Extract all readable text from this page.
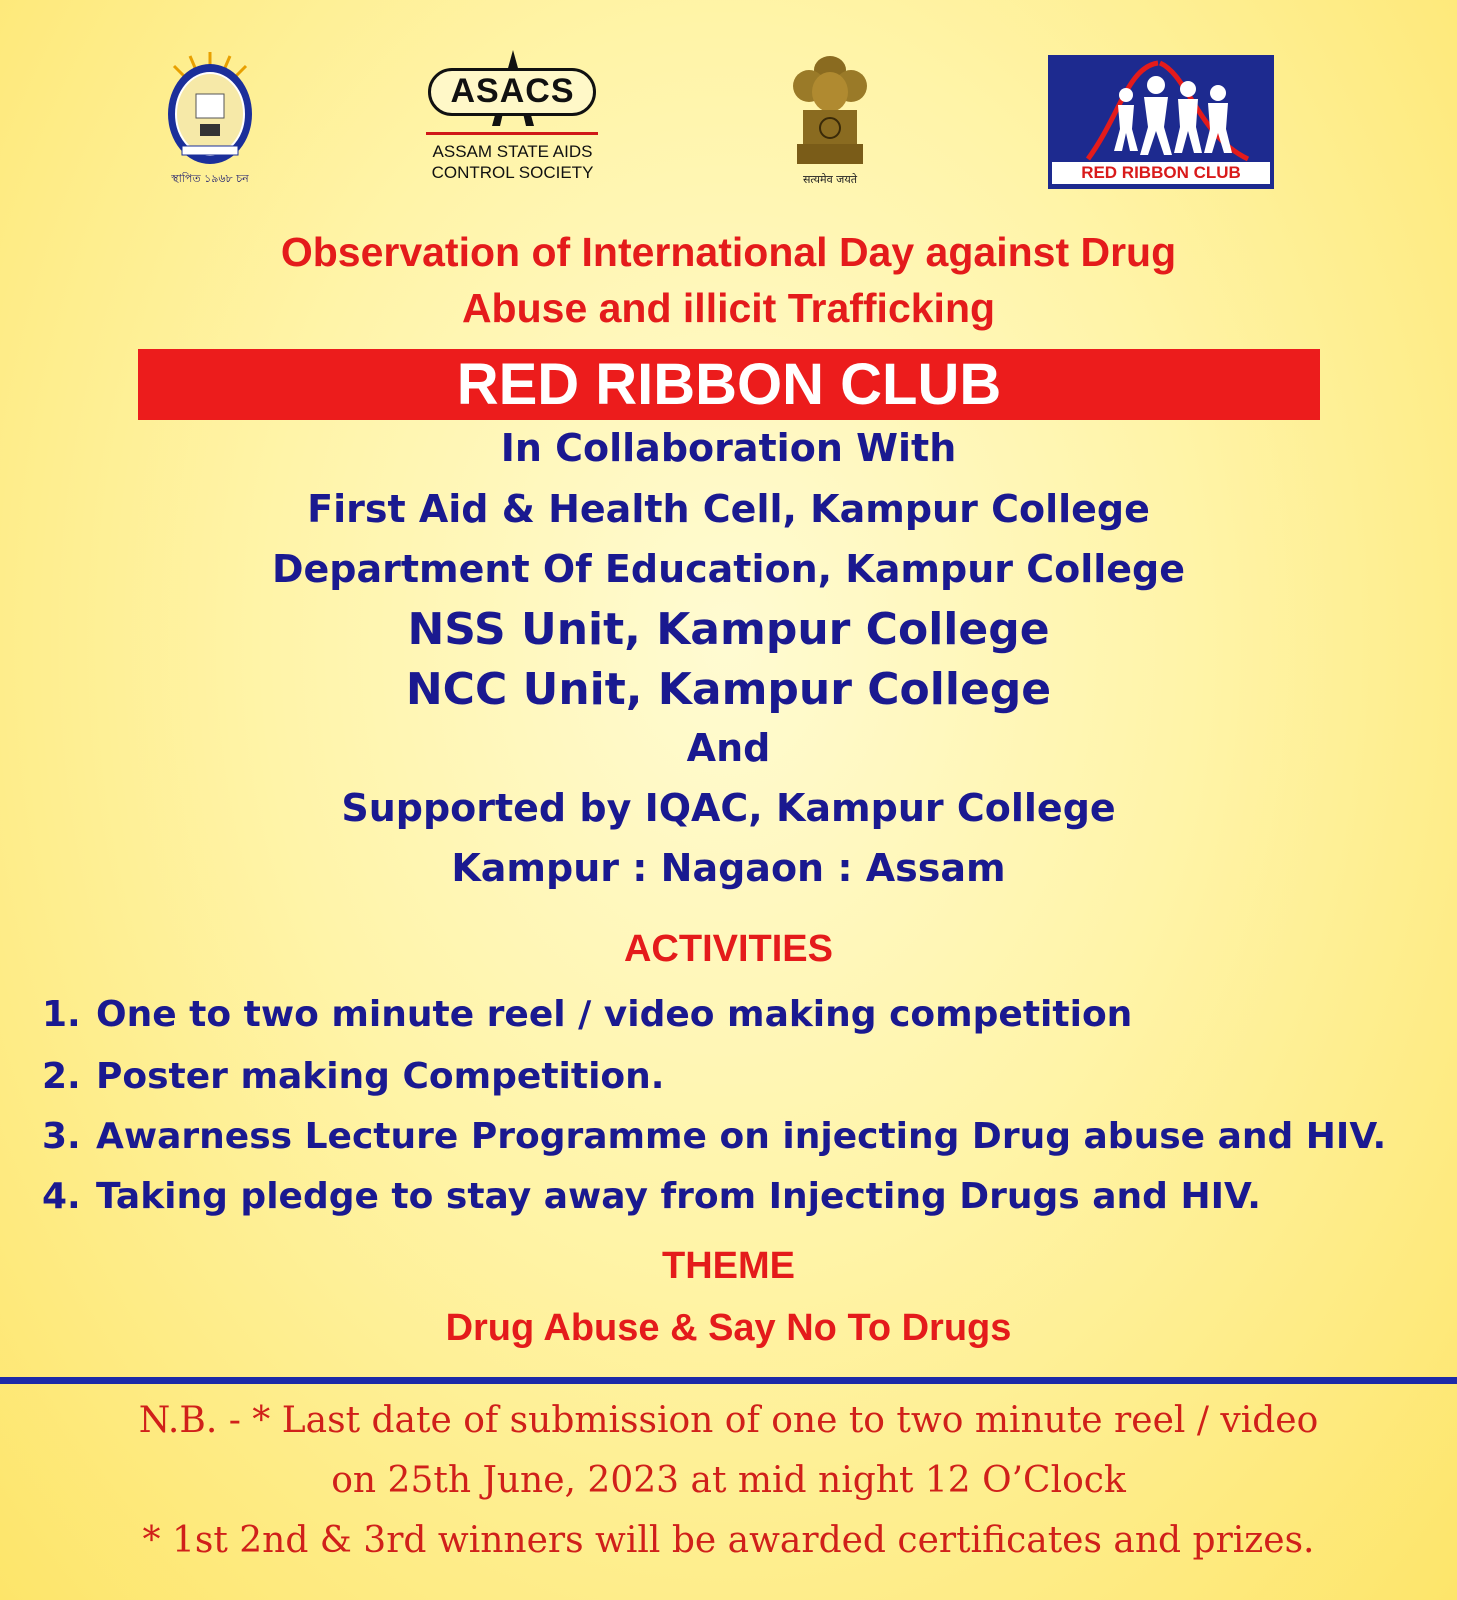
স্থাপিত ১৯৬৮ চন
ASACS
ASSAM STATE AIDS
CONTROL SOCIETY	सत्यमेव जयते	RED RIBBON CLUB
Observation of International Day against Drug
Abuse and illicit Trafficking
RED RIBBON CLUB
In Collaboration With
First Aid & Health Cell, Kampur College
Department Of Education, Kampur College
NSS Unit, Kampur College
NCC Unit, Kampur College
And
Supported by IQAC, Kampur College
Kampur : Nagaon : Assam
ACTIVITIES
1. One to two minute reel / video making competition
2. Poster making Competition.
3. Awarness Lecture Programme on injecting Drug abuse and HIV.
4. Taking pledge to stay away from Injecting Drugs and HIV.
THEME
Drug Abuse & Say No To Drugs
N.B. - * Last date of submission of one to two minute reel / video
on 25th June, 2023 at mid night 12 O’Clock
* 1st 2nd & 3rd winners will be awarded certificates and prizes.
